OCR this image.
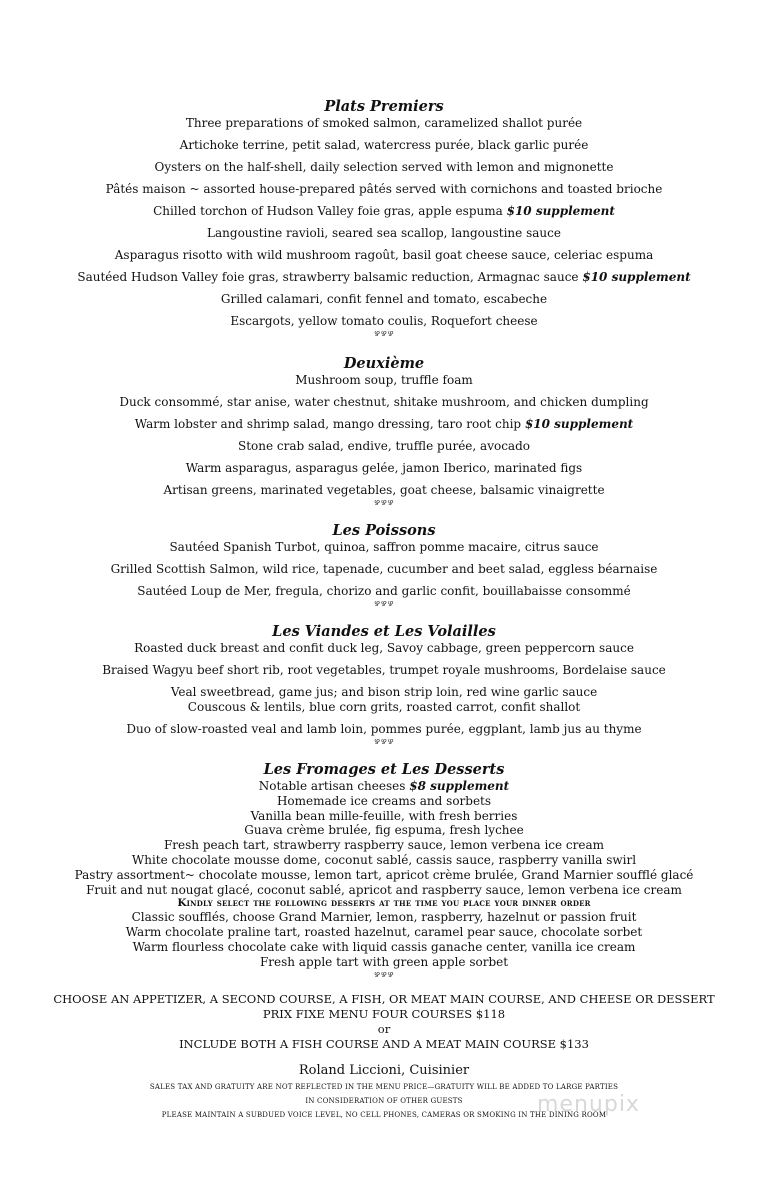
Plats Premiers

Three preparations of smoked salmon, caramelized shallot purée

Artichoke terrine, petit salad, watercress purée, black garlic purée

Oysters on the half-shell, daily selection served with lemon and mignonette

Pâtés maison ~ assorted house-prepared pâtés served with cornichons and toasted brioche

Chilled torchon of Hudson Valley foie gras, apple espuma $10 supplement

Langoustine ravioli, seared sea scallop, langoustine sauce

Asparagus risotto with wild mushroom ragoût, basil goat cheese sauce, celeriac espuma

Sautéed Hudson Valley foie gras, strawberry balsamic reduction, Armagnac sauce $10 supplement

Grilled calamari, confit fennel and tomato, escabeche

Escargots, yellow tomato coulis, Roquefort cheese

ഴഴഴ

Deuxième

Mushroom soup, truffle foam

Duck consommé, star anise, water chestnut, shitake mushroom, and chicken dumpling

Warm lobster and shrimp salad, mango dressing, taro root chip $10 supplement

Stone crab salad, endive, truffle purée, avocado

Warm asparagus, asparagus gelée, jamon Iberico, marinated figs

Artisan greens, marinated vegetables, goat cheese, balsamic vinaigrette

ഴഴഴ

Les Poissons

Sautéed Spanish Turbot, quinoa, saffron pomme macaire, citrus sauce

Grilled Scottish Salmon, wild rice, tapenade, cucumber and beet salad, eggless béarnaise

Sautéed Loup de Mer, fregula, chorizo and garlic confit, bouillabaisse consommé

ഴഴഴ

Les Viandes et Les Volailles

Roasted duck breast and confit duck leg, Savoy cabbage, green peppercorn sauce

Braised Wagyu beef short rib, root vegetables, trumpet royale mushrooms, Bordelaise sauce

Veal sweetbread, game jus; and bison strip loin, red wine garlic sauce

Couscous & lentils, blue corn grits, roasted carrot, confit shallot

Duo of slow-roasted veal and lamb loin, pommes purée, eggplant, lamb jus au thyme

ഴഴഴ

Les Fromages et Les Desserts

Notable artisan cheeses $8 supplement

Homemade ice creams and sorbets

Vanilla bean mille-feuille, with fresh berries

Guava crème brulée, fig espuma, fresh lychee

Fresh peach tart, strawberry raspberry sauce, lemon verbena ice cream

White chocolate mousse dome, coconut sablé, cassis sauce, raspberry vanilla swirl

Pastry assortment~ chocolate mousse, lemon tart, apricot crème brulée, Grand Marnier soufflé glacé

Fruit and nut nougat glacé, coconut sablé, apricot and raspberry sauce, lemon verbena ice cream

Kindly select the following desserts at the time you place your dinner order

Classic soufflés, choose Grand Marnier, lemon, raspberry, hazelnut or passion fruit

Warm chocolate praline tart, roasted hazelnut, caramel pear sauce, chocolate sorbet

Warm flourless chocolate cake with liquid cassis ganache center, vanilla ice cream

Fresh apple tart with green apple sorbet

ഴഴഴ

CHOOSE AN APPETIZER, A SECOND COURSE, A FISH, OR MEAT MAIN COURSE, AND CHEESE OR DESSERT

PRIX FIXE MENU FOUR COURSES $118

or

INCLUDE BOTH A FISH COURSE AND A MEAT MAIN COURSE $133

Roland Liccioni, Cuisinier

SALES TAX AND GRATUITY ARE NOT REFLECTED IN THE MENU PRICE—GRATUITY WILL BE ADDED TO LARGE PARTIES

IN CONSIDERATION OF OTHER GUESTS

PLEASE MAINTAIN A SUBDUED VOICE LEVEL, NO CELL PHONES, CAMERAS OR SMOKING IN THE DINING ROOM

menupix
